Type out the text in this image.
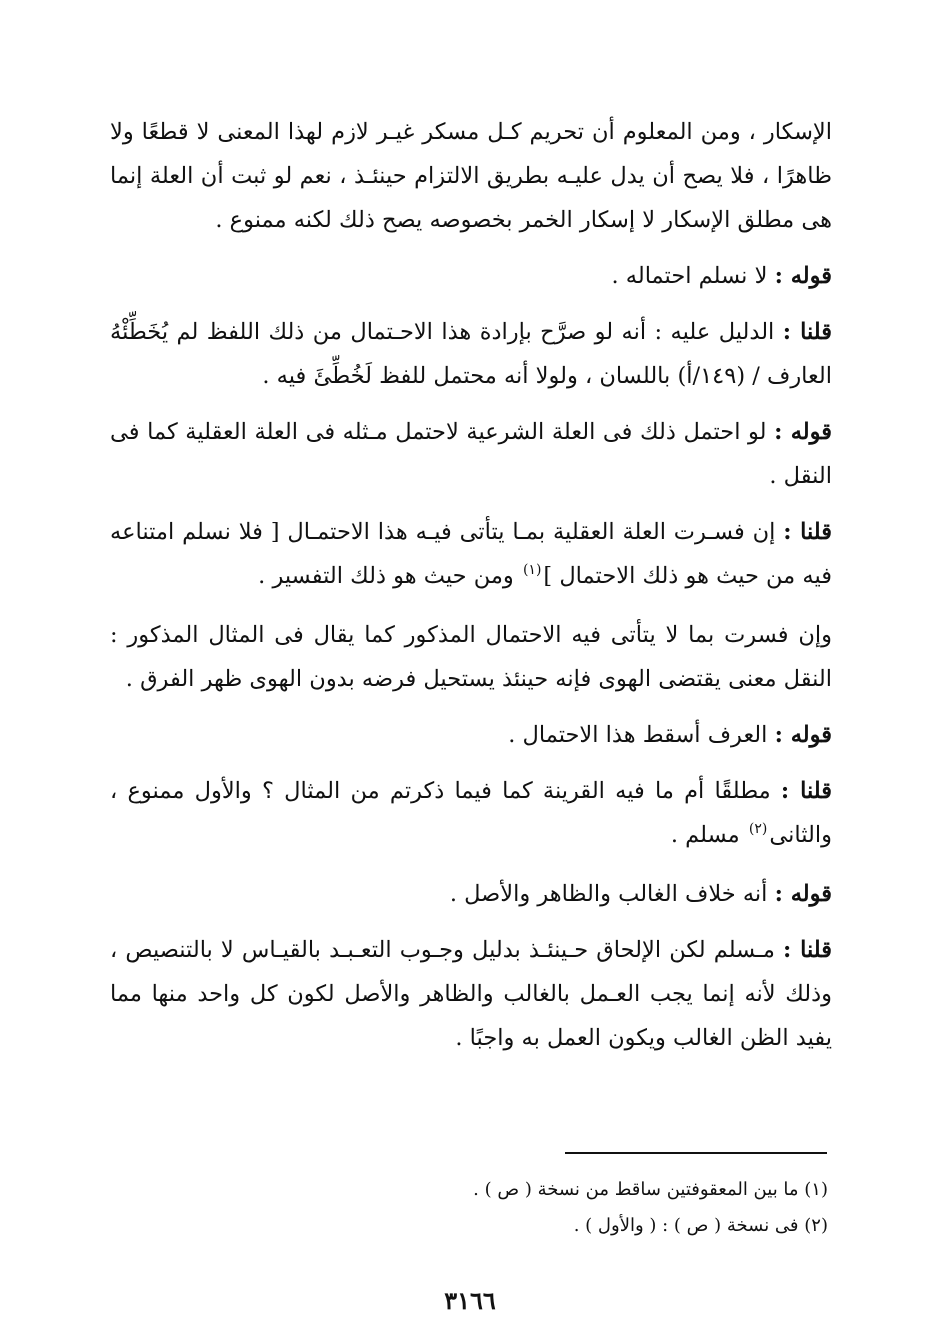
الإسكار ، ومن المعلوم أن تحريم كـل مسكر غيـر لازم لهذا المعنى لا قطعًا ولا ظاهرًا ، فلا يصح أن يدل عليـه بطريق الالتزام حينئـذ ، نعم لو ثبت أن العلة إنما هى مطلق الإسكار لا إسكار الخمر بخصوصه يصح ذلك لكنه ممنوع .

قوله : لا نسلم احتماله .

قلنا : الدليل عليه : أنه لو صرَّح بإرادة هذا الاحـتمال من ذلك اللفظ لم يُخَطِّئْهُ العارف / (١٤٩/أ) باللسان ، ولولا أنه محتمل للفظ لَخُطِّئَ فيه .

قوله : لو احتمل ذلك فى العلة الشرعية لاحتمل مـثله فى العلة العقلية كما فى النقل .

قلنا : إن فسـرت العلة العقلية بمـا يتأتى فيـه هذا الاحتمـال [ فلا نسلم امتناعه فيه من حيث هو ذلك الاحتمال ]$^{(١)}$ ومن حيث هو ذلك التفسير .

وإن فسرت بما لا يتأتى فيه الاحتمال المذكور كما يقال فى المثال المذكور : النقل معنى يقتضى الهوى فإنه حينئذ يستحيل فرضه بدون الهوى ظهر الفرق .

قوله : العرف أسقط هذا الاحتمال .

قلنا : مطلقًا أم ما فيه القرينة كما فيما ذكرتم من المثال ؟ والأول ممنوع ، والثانى$^{(٢)}$ مسلم .

قوله : أنه خلاف الغالب والظاهر والأصل .

قلنا : مـسلم لكن الإلحاق حـينئـذ بدليل وجـوب التعـبـد بالقيـاس لا بالتنصيص ، وذلك لأنه إنما يجب العـمل بالغالب والظاهر والأصل لكون كل واحد منها مما يفيد الظن الغالب ويكون العمل به واجبًا .

(١) ما بين المعقوفتين ساقط من نسخة ( ص ) .
(٢) فى نسخة ( ص ) : ( والأول ) .
٣١٦٦
